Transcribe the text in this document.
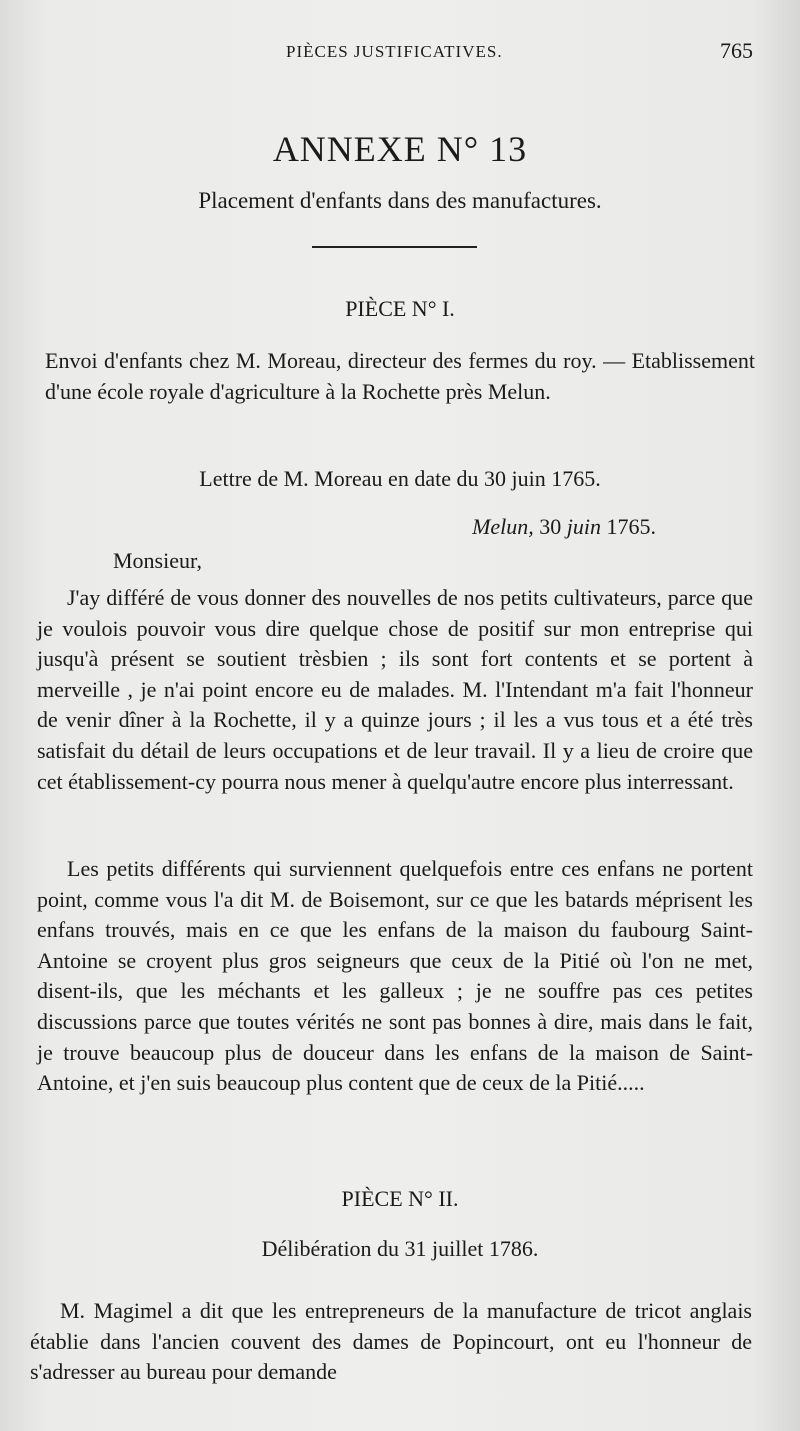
PIÈCES JUSTIFICATIVES.	765
ANNEXE N° 13
Placement d'enfants dans des manufactures.
PIÈCE N° I.
Envoi d'enfants chez M. Moreau, directeur des fermes du roy. — Etablissement d'une école royale d'agriculture à la Rochette près Melun.
Lettre de M. Moreau en date du 30 juin 1765.
Melun, 30 juin 1765.
Monsieur,
J'ay différé de vous donner des nouvelles de nos petits cultivateurs, parce que je voulois pouvoir vous dire quelque chose de positif sur mon entreprise qui jusqu'à présent se soutient trèsbien ; ils sont fort contents et se portent à merveille , je n'ai point encore eu de malades. M. l'Intendant m'a fait l'honneur de venir dîner à la Rochette, il y a quinze jours ; il les a vus tous et a été très satisfait du détail de leurs occupations et de leur travail. Il y a lieu de croire que cet établissement-cy pourra nous mener à quelqu'autre encore plus interressant.
Les petits différents qui surviennent quelquefois entre ces enfans ne portent point, comme vous l'a dit M. de Boisemont, sur ce que les batards méprisent les enfans trouvés, mais en ce que les enfans de la maison du faubourg Saint-Antoine se croyent plus gros seigneurs que ceux de la Pitié où l'on ne met, disent-ils, que les méchants et les galleux ; je ne souffre pas ces petites discussions parce que toutes vérités ne sont pas bonnes à dire, mais dans le fait, je trouve beaucoup plus de douceur dans les enfans de la maison de Saint-Antoine, et j'en suis beaucoup plus content que de ceux de la Pitié.....
PIÈCE N° II.
Délibération du 31 juillet 1786.
M. Magimel a dit que les entrepreneurs de la manufacture de tricot anglais établie dans l'ancien couvent des dames de Popincourt, ont eu l'honneur de s'adresser au bureau pour demande
